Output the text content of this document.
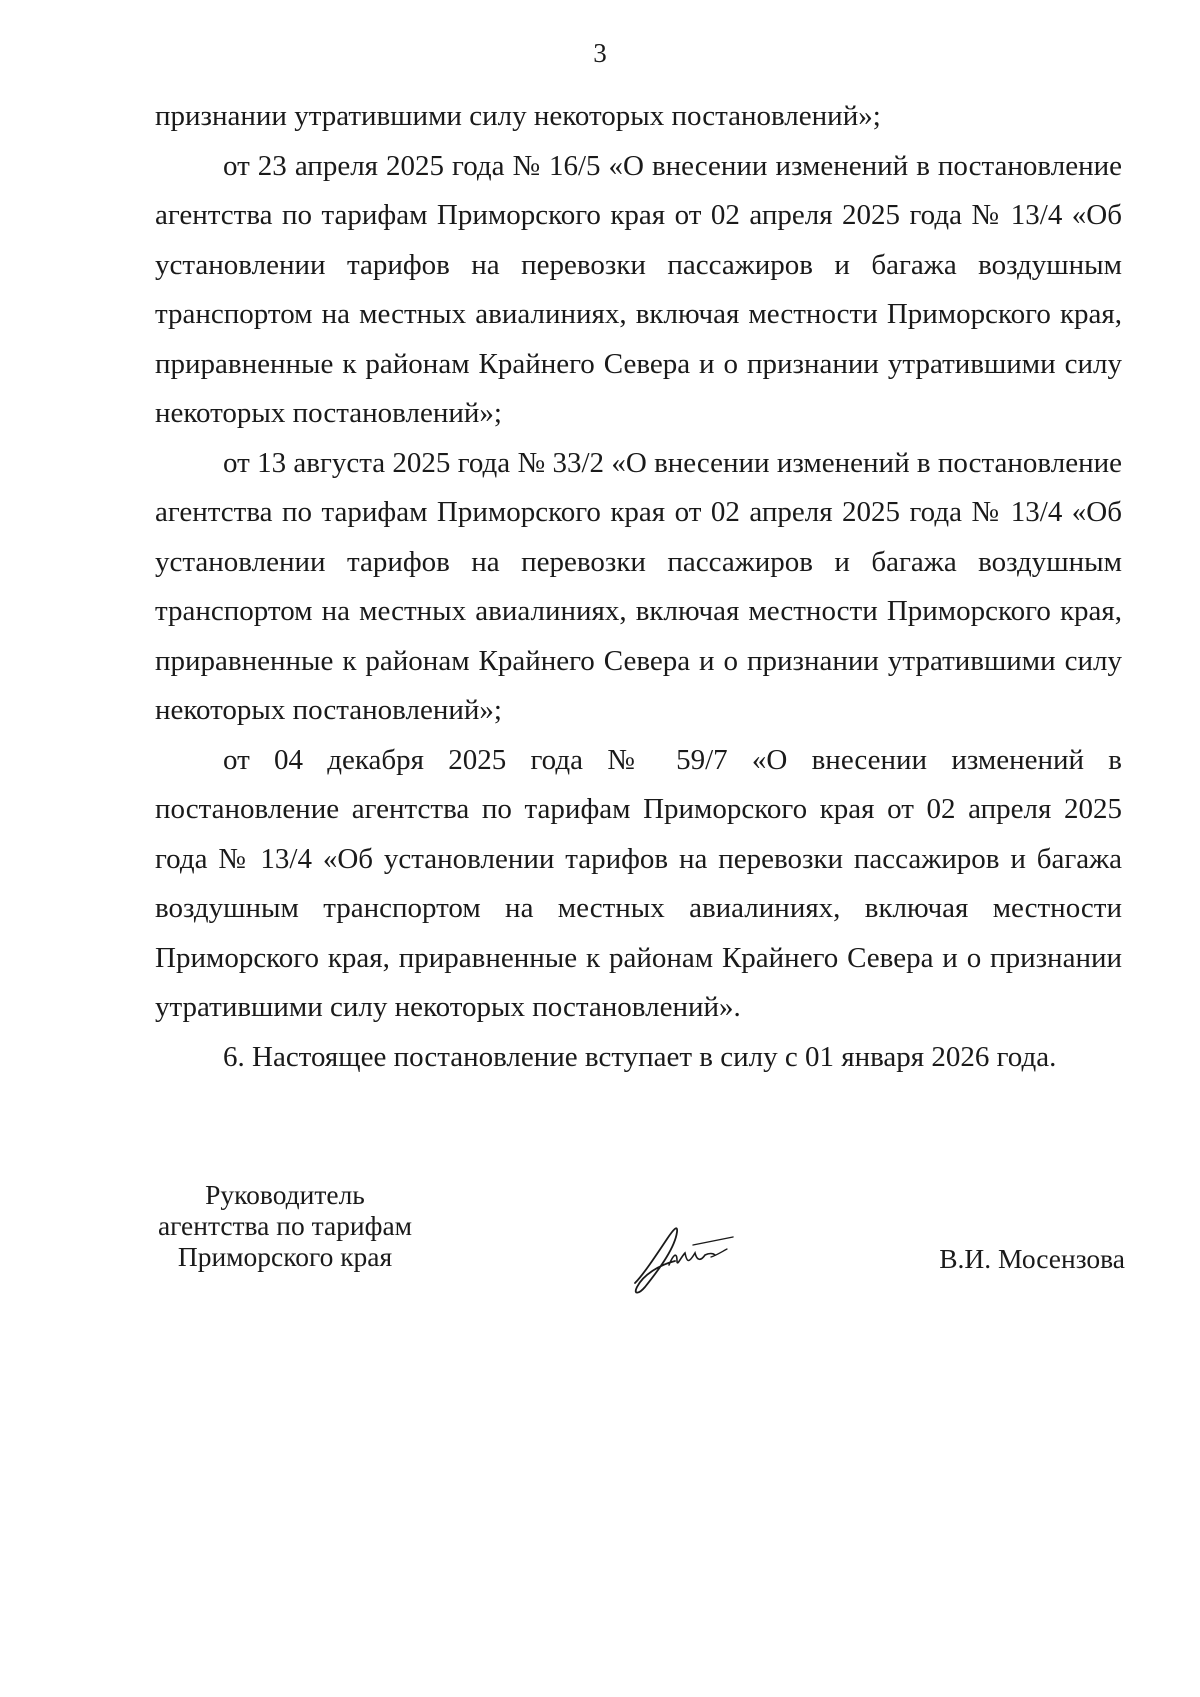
3

признании утратившими силу некоторых постановлений»;

от 23 апреля 2025 года № 16/5 «О внесении изменений в постановление агентства по тарифам Приморского края от 02 апреля 2025 года № 13/4 «Об установлении тарифов на перевозки пассажиров и багажа воздушным транспортом на местных авиалиниях, включая местности Приморского края, приравненные к районам Крайнего Севера и о признании утратившими силу некоторых постановлений»;

от 13 августа 2025 года № 33/2 «О внесении изменений в постановление агентства по тарифам Приморского края от 02 апреля 2025 года № 13/4 «Об установлении тарифов на перевозки пассажиров и багажа воздушным транспортом на местных авиалиниях, включая местности Приморского края, приравненные к районам Крайнего Севера и о признании утратившими силу некоторых постановлений»;

от 04 декабря 2025 года № 59/7 «О внесении изменений в постановление агентства по тарифам Приморского края от 02 апреля 2025 года № 13/4 «Об установлении тарифов на перевозки пассажиров и багажа воздушным транспортом на местных авиалиниях, включая местности Приморского края, приравненные к районам Крайнего Севера и о признании утратившими силу некоторых постановлений».

6. Настоящее постановление вступает в силу с 01 января 2026 года.

Руководитель
агентства по тарифам
Приморского края	В.И. Мосензова
